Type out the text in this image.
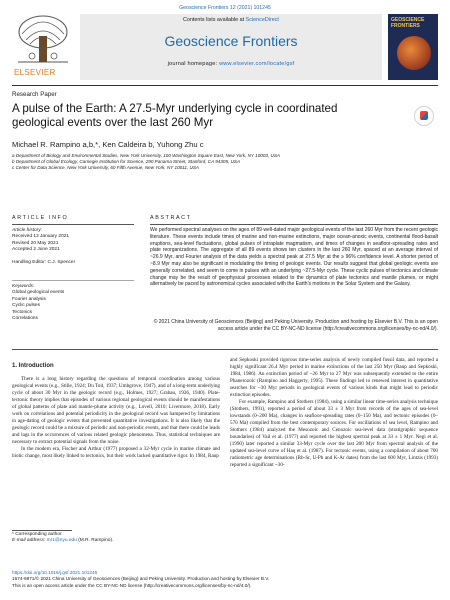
Geoscience Frontiers 12 (2021) 101245
ELSEVIER
Contents lists available at ScienceDirect
Geoscience Frontiers
journal homepage: www.elsevier.com/locate/gsf
GEOSCIENCE FRONTIERS
Research Paper
A pulse of the Earth: A 27.5-Myr underlying cycle in coordinated geological events over the last 260 Myr
Michael R. Rampino a,b,*, Ken Caldeira b, Yuhong Zhu c
a Department of Biology and Environmental Studies, New York University, 100 Washington Square East, New York, NY 10003, USA
b Department of Global Ecology, Carnegie Institution for Science, 290 Panama Street, Stanford, CA 94305, USA
c Center for Data Science, New York University, 60 Fifth Avenue, New York, NY 10011, USA
ARTICLE INFO	ABSTRACT
Article history:
Received 13 January 2021
Revised 20 May 2021
Accepted 2 June 2021
Handling Editor: C.J. Spencer
Keywords:
Global geological events
Fourier analysis
Cyclic pulses
Tectonics
Correlations
We performed spectral analyses on the ages of 89 well-dated major geological events of the last 260 Myr from the recent geologic literature. These events include times of marine and non-marine extinctions, major ocean-anoxic events, continental flood-basalt eruptions, sea-level fluctuations, global pulses of intraplate magmatism, and times of changes in seafloor-spreading rates and plate reorganizations. The aggregate of all 89 events shows ten clusters in the last 260 Myr, spaced at an average interval of ~26.9 Myr, and Fourier analysis of the data yields a spectral peak at 27.5 Myr at the ≥ 96% confidence level. A shorter period of ~8.9 Myr may also be significant in modulating the timing of geologic events. Our results suggest that global geologic events are generally correlated, and seem to come in pulses with an underlying ~27.5-Myr cycle. These cyclic pulses of tectonics and climate change may be the result of geophysical processes related to the dynamics of plate tectonics and mantle plumes, or might alternatively be paced by astronomical cycles associated with the Earth's motions in the Solar System and the Galaxy.
© 2021 China University of Geosciences (Beijing) and Peking University. Production and hosting by Elsevier B.V. This is an open access article under the CC BY-NC-ND license (http://creativecommons.org/licenses/by-nc-nd/4.0/).
1. Introduction

There is a long history regarding the questions of temporal coordination among various geological events (e.g., Stille, 1924; Du Toit, 1937; Umbgrove, 1947), and of a long-term underlying cycle of about 30 Myr in the geologic record (e.g., Holmes, 1927; Grabau, 1936, 1940). Plate-tectonic theory implies that episodes of various regional geological events should be manifestations of global patterns of plate and mantle-plume activity (e.g., Lovell, 2010; Livermore, 2018). Early work on correlations and potential periodicity in the geological record was hampered by limitations in age-dating of geologic events that prevented quantitative investigations. It is also likely that the geologic record could be a mixture of periodic and non-periodic events, and that there could be leads and lags in the occurrences of various related geologic phenomena. Thus, statistical techniques are necessary to extract potential signals from the noise.

In the modern era, Fischer and Arthur (1977) proposed a 32-Myr cycle in marine climate and biotic change, most likely linked to tectonics, but their work lacked quantitative rigor. In 1984, Raup

and Sepkoski provided rigorous time-series analysis of newly compiled fossil data, and reported a highly significant 26.4 Myr period in marine extinctions of the last 250 Myr (Raup and Sepkoski, 1984, 1986). An extinction period of ~26 Myr to 27 Myr was subsequently extended to the entire Phanerozoic (Rampino and Haggerty, 1995). These findings led to renewed interest in quantitative searches for ~30 Myr periods in geological events of various kinds that might lead to periodic extinction episodes.

For example, Rampino and Stothers (1984), using a similar linear time-series analysis technique (Stothers, 1991), reported a period of about 33 ± 3 Myr from records of the ages of sea-level lowstands (0–200 Ma), changes in seafloor-spreading rates (0–150 Ma), and tectonic episodes (0–570 Ma) compiled from the best contemporary sources. For oscillations of sea level, Rampino and Stothers (1984) analyzed the Mesozoic and Cenozoic sea-level data (stratigraphic sequence boundaries) of Vail et al. (1977) and reported the highest spectral peak at 33 ± 1 Myr. Negi et al. (1990) later reported a similar 33-Myr cycle over the last 200 Myr from spectral analysis of the updated sea-level curve of Haq et al. (1987). For tectonic events, using a compilation of about 700 radiometric age determinations (Rb-Sr, U-Pb and K-Ar dates) from the last 600 Myr, Lintzis (1993) reported a significant ~30-

* Corresponding author.
E-mail address: mr1@nyu.edu (M.R. Rampino).
https://doi.org/10.1016/j.gsf.2021.101245
1674-9871/© 2021 China University of Geosciences (Beijing) and Peking University. Production and hosting by Elsevier B.V.
This is an open access article under the CC BY-NC-ND license (http://creativecommons.org/licenses/by-nc-nd/4.0/).
